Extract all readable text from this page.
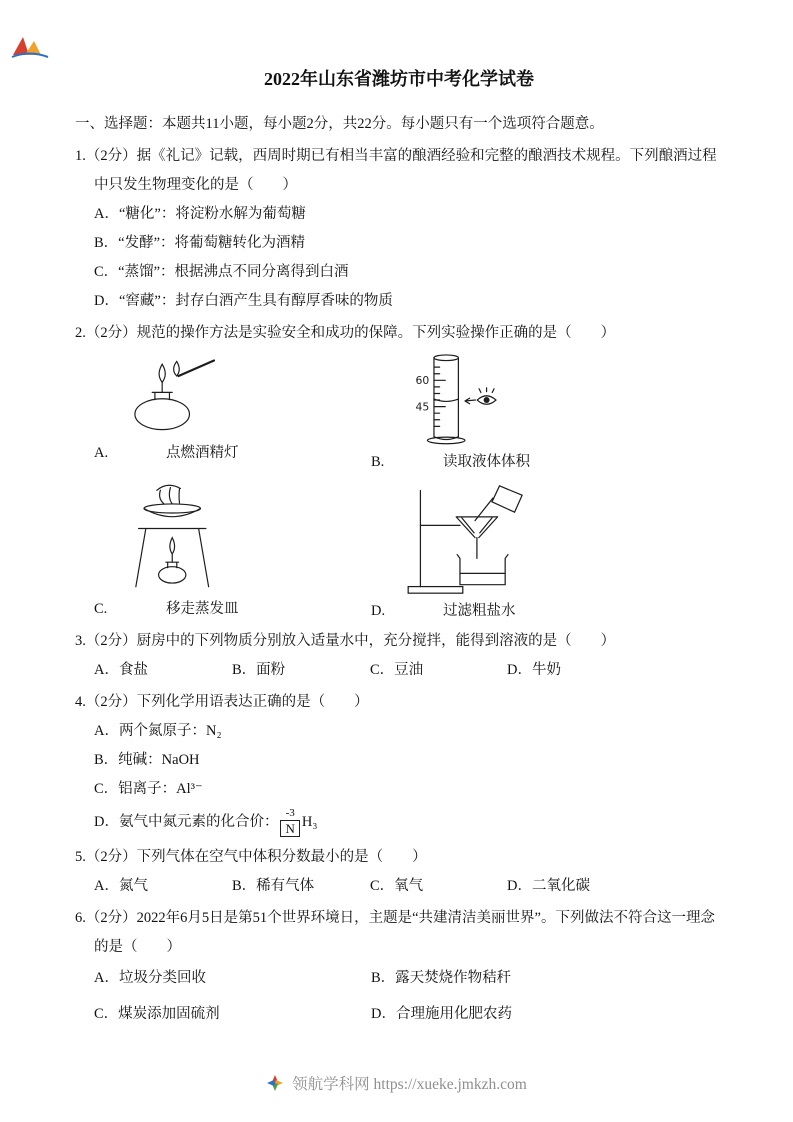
2022年山东省潍坊市中考化学试卷
一、选择题：本题共11小题，每小题2分，共22分。每小题只有一个选项符合题意。
1.（2分）据《礼记》记载，西周时期已有相当丰富的酿酒经验和完整的酿酒技术规程。下列酿酒过程中只发生物理变化的是（　　）
A．“糖化”：将淀粉水解为葡萄糖
B．“发酵”：将葡萄糖转化为酒精
C．“蒸馏”：根据沸点不同分离得到白酒
D．“窖藏”：封存白酒产生具有醇厚香味的物质
2.（2分）规范的操作方法是实验安全和成功的保障。下列实验操作正确的是（　　）
A.	点燃酒精灯
60
45
B.	读取液体体积
C.	移走蒸发皿	D.	过滤粗盐水
3.（2分）厨房中的下列物质分别放入适量水中，充分搅拌，能得到溶液的是（　　）
A．食盐	B．面粉	C．豆油	D．牛奶
4.（2分）下列化学用语表达正确的是（　　）
A．两个氮原子：N₂
B．纯碱：NaOH
C．铝离子：Al³⁻
D．氨气中氮元素的化合价：
-3
N H₃
5.（2分）下列气体在空气中体积分数最小的是（　　）
A．氮气	B．稀有气体	C．氧气	D．二氧化碳
6.（2分）2022年6月5日是第51个世界环境日，主题是“共建清洁美丽世界”。下列做法不符合这一理念的是（　　）
A．垃圾分类回收	B．露天焚烧作物秸秆
C．煤炭添加固硫剂	D．合理施用化肥农药
领航学科网 https://xueke.jmkzh.com
